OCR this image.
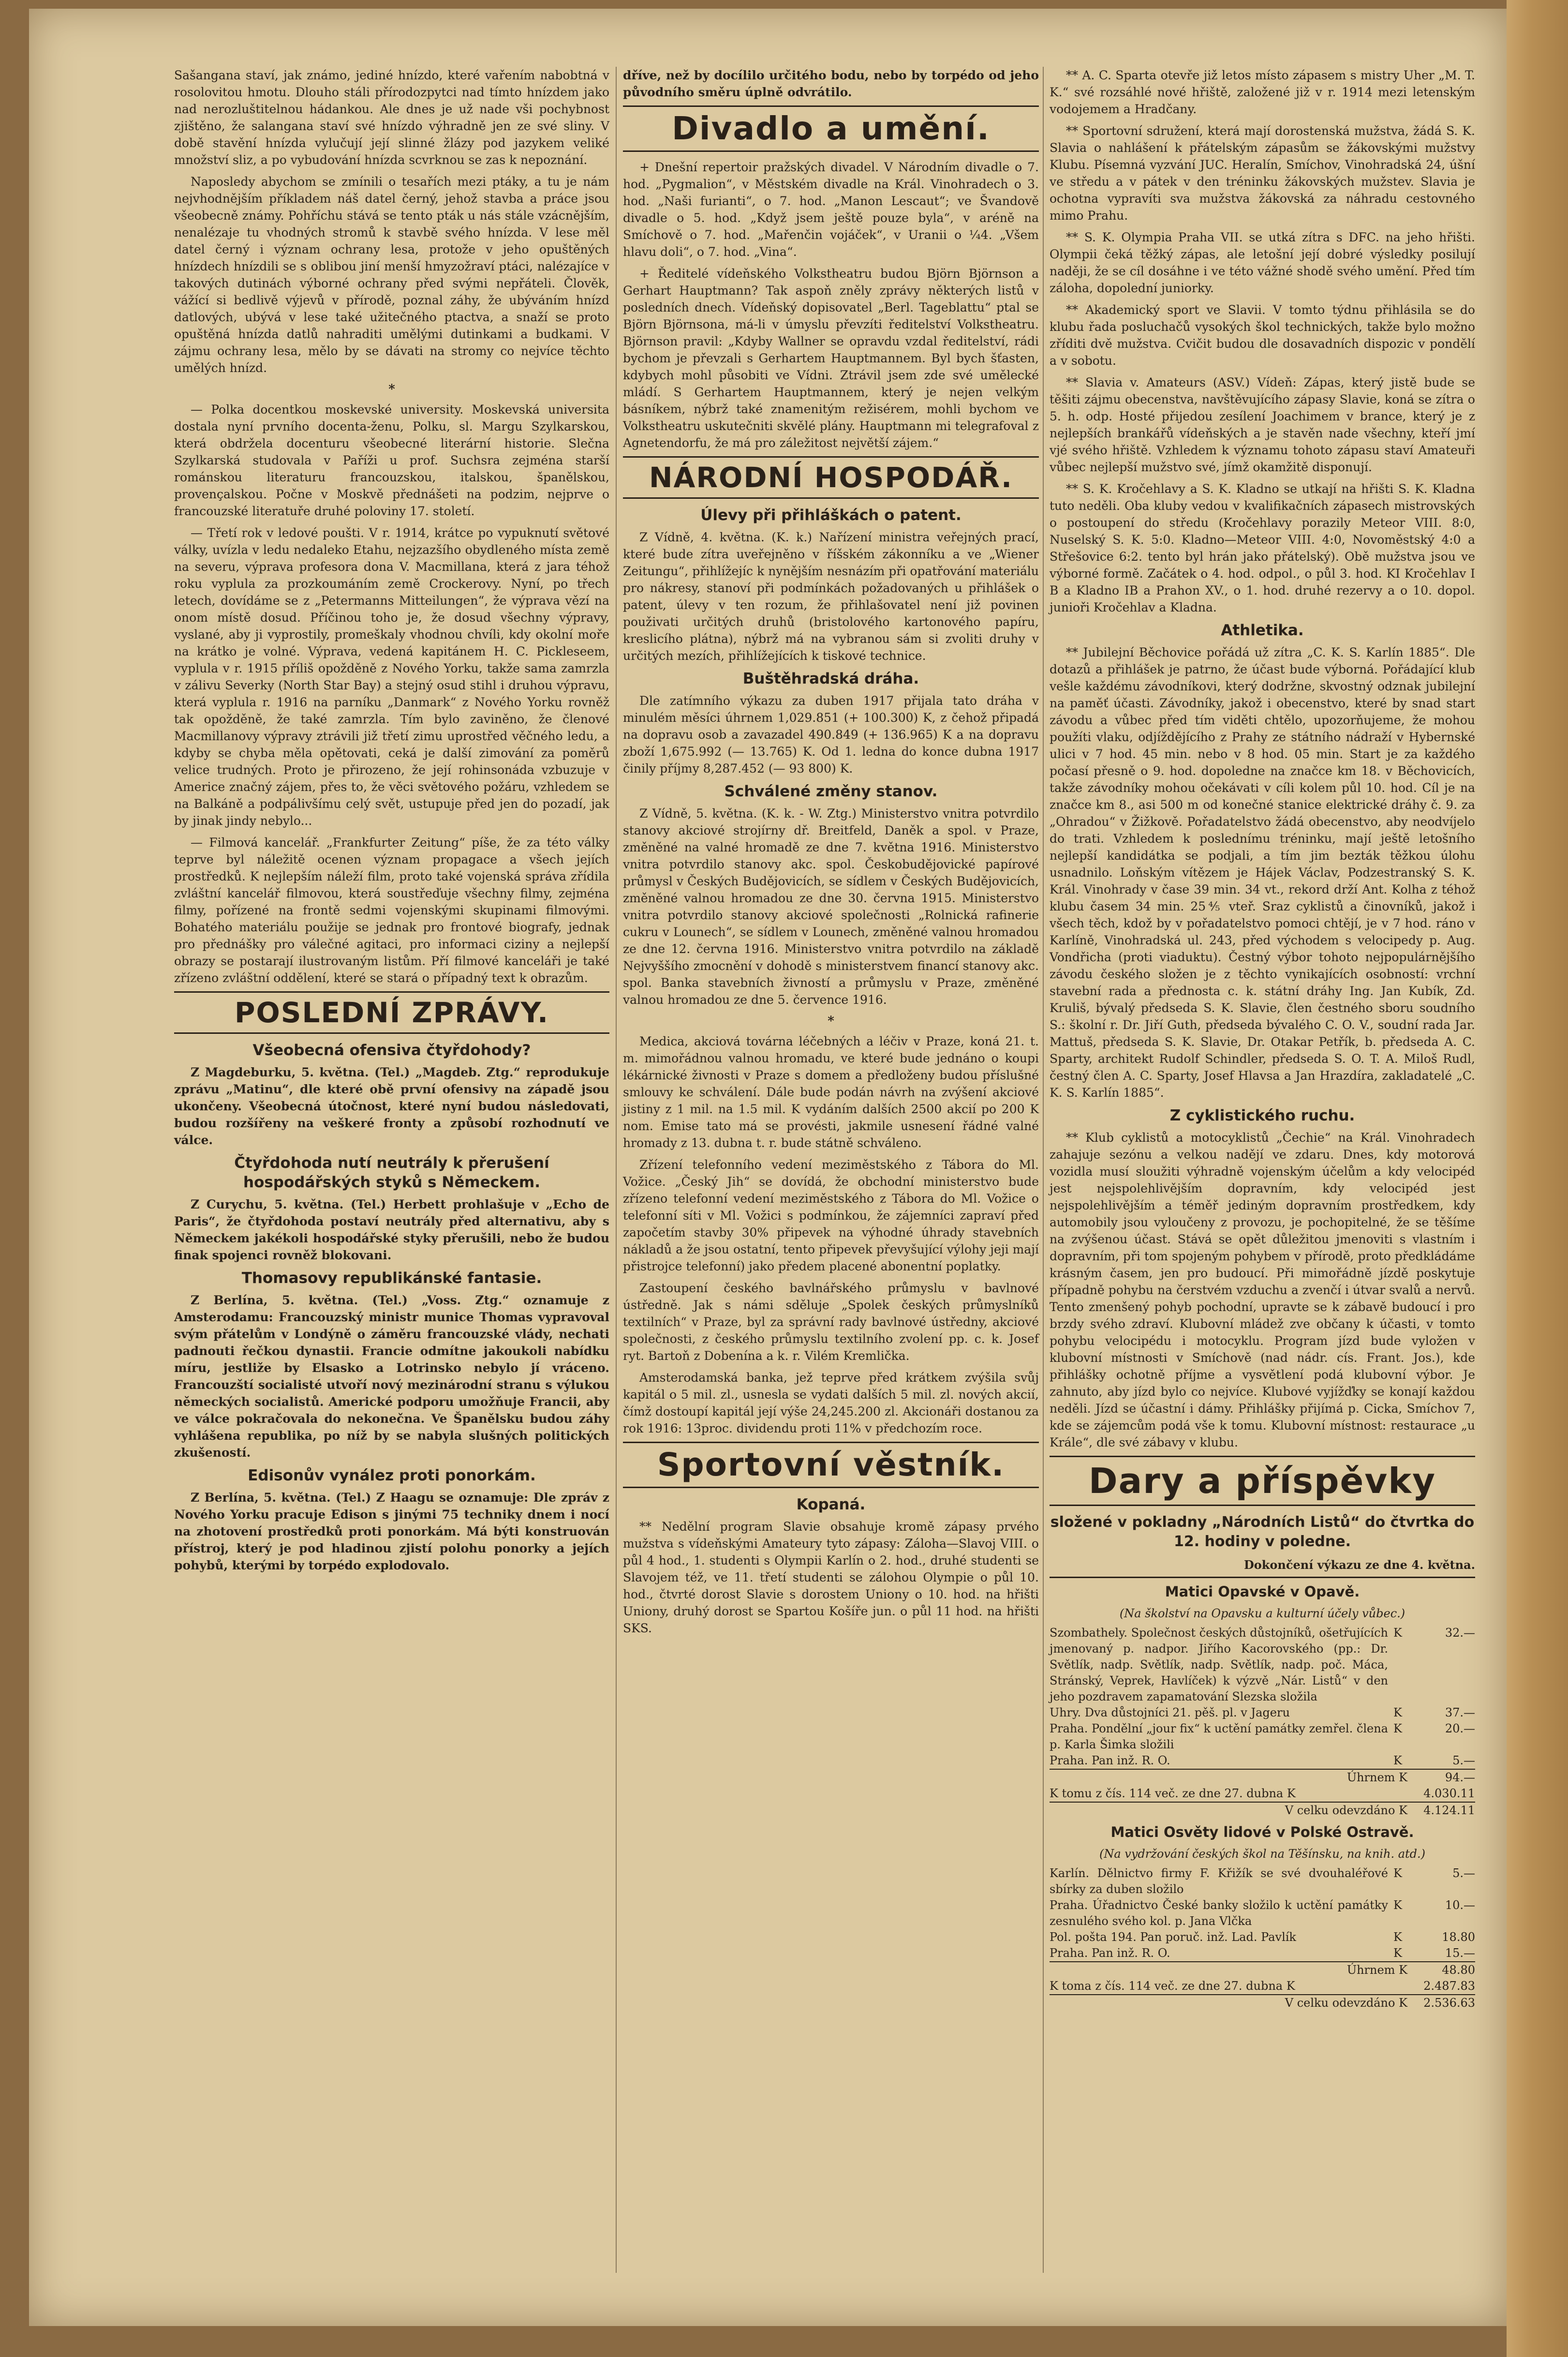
Sašangana staví, jak známo, jediné hnízdo, které vařením nabobtná v rosolovitou hmotu. Dlouho stáli přírodozpytci nad tímto hnízdem jako nad nerozluštitelnou hádankou. Ale dnes je už nade vši pochybnost zjištěno, že salangana staví své hnízdo výhradně jen ze své sliny. V době stavění hnízda vylučují její slinné žlázy pod jazykem veliké množství sliz, a po vybudování hnízda scvrknou se zas k nepoznání.

Naposledy abychom se zmínili o tesařích mezi ptáky, a tu je nám nejvhodnějším příkladem náš datel černý, jehož stavba a práce jsou všeobecně známy. Pohříchu stává se tento pták u nás stále vzácnějším, nenalézaje tu vhodných stromů k stavbě svého hnízda. V lese měl datel černý i význam ochrany lesa, protože v jeho opuštěných hnízdech hnízdili se s oblibou jiní menší hmyzožraví ptáci, nalézajíce v takových dutinách výborné ochrany před svými nepřáteli. Člověk, vážící si bedlivě výjevů v přírodě, poznal záhy, že ubýváním hnízd datlových, ubývá v lese také užitečného ptactva, a snaží se proto opuštěná hnízda datlů nahraditi umělými dutinkami a budkami. V zájmu ochrany lesa, mělo by se dávati na stromy co nejvíce těchto umělých hnízd.

*

— Polka docentkou moskevské university. Moskevská universita dostala nyní prvního docenta-ženu, Polku, sl. Margu Szylkarskou, která obdržela docenturu všeobecné literární historie. Slečna Szylkarská studovala v Paříži u prof. Suchsra zejména starší románskou literaturu francouzskou, italskou, španělskou, provençalskou. Počne v Moskvě přednášeti na podzim, nejprve o francouzské literatuře druhé poloviny 17. století.

— Třetí rok v ledové poušti. V r. 1914, krátce po vypuknutí světové války, uvízla v ledu nedaleko Etahu, nejzazšího obydleného místa země na severu, výprava profesora dona V. Macmillana, která z jara téhož roku vyplula za prozkoumáním země Crockerovy. Nyní, po třech letech, dovídáme se z „Petermanns Mitteilungen“, že výprava vězí na onom místě dosud. Příčinou toho je, že dosud všechny výpravy, vyslané, aby ji vyprostily, promeškaly vhodnou chvíli, kdy okolní moře na krátko je volné. Výprava, vedená kapitánem H. C. Pickleseem, vyplula v r. 1915 příliš opožděně z Nového Yorku, takže sama zamrzla v zálivu Severky (North Star Bay) a stejný osud stihl i druhou výpravu, která vyplula r. 1916 na parníku „Danmark“ z Nového Yorku rovněž tak opožděně, že také zamrzla. Tím bylo zaviněno, že členové Macmillanovy výpravy ztrávili již třetí zimu uprostřed věčného ledu, a kdyby se chyba měla opětovati, ceká je další zimování za poměrů velice trudných. Proto je přirozeno, že její rohinsonáda vzbuzuje v Americe značný zájem, přes to, že věci světového požáru, vzhledem se na Balkáně a podpálivšímu celý svět, ustupuje před jen do pozadí, jak by jinak jindy nebylo...

— Filmová kancelář. „Frankfurter Zeitung“ píše, že za této války teprve byl náležitě ocenen význam propagace a všech jejích prostředků. K nejlepším náleží film, proto také vojenská správa zřídila zvláštní kancelář filmovou, která soustřeďuje všechny filmy, zejména filmy, pořízené na frontě sedmi vojenskými skupinami filmovými. Bohatého materiálu použije se jednak pro frontové biografy, jednak pro přednášky pro válečné agitaci, pro informaci ciziny a nejlepší obrazy se postarají ilustrovaným listům. Pří filmové kanceláři je také zřízeno zvláštní oddělení, které se stará o případný text k obrazům.

POSLEDNÍ ZPRÁVY.
Všeobecná ofensiva čtyřdohody?

Z Magdeburku, 5. května. (Tel.) „Magdeb. Ztg.“ reprodukuje zprávu „Matinu“, dle které obě první ofensivy na západě jsou ukončeny. Všeobecná útočnost, které nyní budou následovati, budou rozšířeny na veškeré fronty a způsobí rozhodnutí ve válce.

Čtyřdohoda nutí neutrály k přerušení hospodářských styků s Německem.

Z Curychu, 5. května. (Tel.) Herbett prohlašuje v „Echo de Paris“, že čtyřdohoda postaví neutrály před alternativu, aby s Německem jakékoli hospodářské styky přerušili, nebo že budou finak spojenci rovněž blokovani.

Thomasovy republikánské fantasie.

Z Berlína, 5. května. (Tel.) „Voss. Ztg.“ oznamuje z Amsterodamu: Francouzský ministr munice Thomas vypravoval svým přátelům v Londýně o záměru francouzské vlády, nechati padnouti řečkou dynastii. Francie odmítne jakoukoli nabídku míru, jestliže by Elsasko a Lotrinsko nebylo jí vráceno. Francouzští socialisté utvoří nový mezinárodní stranu s výlukou německých socialistů. Americké podporu umožňuje Francii, aby ve válce pokračovala do nekonečna. Ve Španělsku budou záhy vyhlášena republika, po níž by se nabyla slušných politických zkušeností.

Edisonův vynález proti ponorkám.

Z Berlína, 5. května. (Tel.) Z Haagu se oznamuje: Dle zpráv z Nového Yorku pracuje Edison s jinými 75 techniky dnem i nocí na zhotovení prostředků proti ponorkám. Má býti konstruován přístroj, který je pod hladinou zjistí polohu ponorky a jejích pohybů, kterými by torpédo explodovalo.

dříve, než by docílilo určitého bodu, nebo by torpédo od jeho původního směru úplně odvrátilo.

Divadlo a umění.

+ Dnešní repertoir pražských divadel. V Národním divadle o 7. hod. „Pygmalion“, v Městském divadle na Král. Vinohradech o 3. hod. „Naši furianti“, o 7. hod. „Manon Lescaut“; ve Švandově divadle o 5. hod. „Když jsem ještě pouze byla“, v aréně na Smíchově o 7. hod. „Mařenčin vojáček“, v Uranii o ¼4. „Všem hlavu doli“, o 7. hod. „Vina“.

+ Ředitelé vídeňského Volkstheatru budou Björn Björnson a Gerhart Hauptmann? Tak aspoň zněly zprávy některých listů v posledních dnech. Vídeňský dopisovatel „Berl. Tageblattu“ ptal se Björn Björnsona, má-li v úmyslu převzíti ředitelství Volkstheatru. Björnson pravil: „Kdyby Wallner se opravdu vzdal ředitelství, rádi bychom je převzali s Gerhartem Hauptmannem. Byl bych šťasten, kdybych mohl působiti ve Vídni. Ztrávil jsem zde své umělecké mládí. S Gerhartem Hauptmannem, který je nejen velkým básníkem, nýbrž také znamenitým režisérem, mohli bychom ve Volkstheatru uskutečniti skvělé plány. Hauptmann mi telegrafoval z Agnetendorfu, že má pro záležitost největší zájem.“

NÁRODNÍ HOSPODÁŘ.
Úlevy při přihláškách o patent.

Z Vídně, 4. května. (K. k.) Nařízení ministra veřejných prací, které bude zítra uveřejněno v říšském zákonníku a ve „Wiener Zeitungu“, přihlížejíc k nynějším nesnázím při opatřování materiálu pro nákresy, stanoví při podmínkách požadovaných u přihlášek o patent, úlevy v ten rozum, že přihlašovatel není již povinen použivati určitých druhů (bristolového kartonového papíru, kreslicího plátna), nýbrž má na vybranou sám si zvoliti druhy v určitých mezích, přihlížejících k tiskové technice.

Buštěhradská dráha.

Dle zatímního výkazu za duben 1917 přijala tato dráha v minulém měsíci úhrnem 1,029.851 (+ 100.300) K, z čehož připadá na dopravu osob a zavazadel 490.849 (+ 136.965) K a na dopravu zboží 1,675.992 (— 13.765) K. Od 1. ledna do konce dubna 1917 činily příjmy 8,287.452 (— 93 800) K.

Schválené změny stanov.

Z Vídně, 5. května. (K. k. - W. Ztg.) Ministerstvo vnitra potvrdilo stanovy akciové strojírny dř. Breitfeld, Daněk a spol. v Praze, změněné na valné hromadě ze dne 7. května 1916. Ministerstvo vnitra potvrdilo stanovy akc. spol. Českobudějovické papírové průmysl v Českých Budějovicích, se sídlem v Českých Budějovicích, změněné valnou hromadou ze dne 30. června 1915. Ministerstvo vnitra potvrdilo stanovy akciové společnosti „Rolnická rafinerie cukru v Lounech“, se sídlem v Lounech, změněné valnou hromadou ze dne 12. června 1916. Ministerstvo vnitra potvrdilo na základě Nejvyššího zmocnění v dohodě s ministerstvem financí stanovy akc. spol. Banka stavebních živností a průmyslu v Praze, změněné valnou hromadou ze dne 5. července 1916.

*

Medica, akciová továrna léčebných a léčiv v Praze, koná 21. t. m. mimořádnou valnou hromadu, ve které bude jednáno o koupi lékárnické živnosti v Praze s domem a předloženy budou příslušné smlouvy ke schválení. Dále bude podán návrh na zvýšení akciové jistiny z 1 mil. na 1.5 mil. K vydáním dalších 2500 akcií po 200 K nom. Emise tato má se provésti, jakmile usnesení řádné valné hromady z 13. dubna t. r. bude státně schváleno.

Zřízení telefonního vedení meziměstského z Tábora do Ml. Vožice. „Český Jih“ se dovídá, že obchodní ministerstvo bude zřízeno telefonní vedení meziměstského z Tábora do Ml. Vožice o telefonní síti v Ml. Vožici s podmínkou, že zájemníci zapraví před započetím stavby 30% připevek na výhodné úhrady stavebních nákladů a že jsou ostatní, tento připevek převyšující výlohy jeji mají přistrojce telefonní) jako předem placené abonentní poplatky.

Zastoupení českého bavlnářského průmyslu v bavlnové ústředně. Jak s námi sděluje „Spolek českých průmyslníků textilních“ v Praze, byl za správní rady bavlnové ústředny, akciové společnosti, z českého průmyslu textilního zvolení pp. c. k. Josef ryt. Bartoň z Dobenína a k. r. Vilém Kremlička.

Amsterodamská banka, jež teprve před krátkem zvýšila svůj kapitál o 5 mil. zl., usnesla se vydati dalších 5 mil. zl. nových akcií, čímž dostoupí kapitál její výše 24,245.200 zl. Akcionáři dostanou za rok 1916: 13proc. dividendu proti 11% v předchozím roce.

Sportovní věstník.
Kopaná.

** Nedělní program Slavie obsahuje kromě zápasy prvého mužstva s vídeňskými Amateury tyto zápasy: Záloha—Slavoj VIII. o půl 4 hod., 1. studenti s Olympii Karlín o 2. hod., druhé studenti se Slavojem též, ve 11. třetí studenti se zálohou Olympie o půl 10. hod., čtvrté dorost Slavie s dorostem Uniony o 10. hod. na hřišti Uniony, druhý dorost se Spartou Košíře jun. o půl 11 hod. na hřišti SKS.

** A. C. Sparta otevře již letos místo zápasem s mistry Uher „M. T. K.“ své rozsáhlé nové hřiště, založené již v r. 1914 mezi letenským vodojemem a Hradčany.

** Sportovní sdružení, která mají dorostenská mužstva, žádá S. K. Slavia o nahlášení k přátelským zápasům se žákovskými mužstvy Klubu. Písemná vyzvání JUC. Heralín, Smíchov, Vinohradská 24, úšní ve středu a v pátek v den tréninku žákovských mužstev. Slavia je ochotna vypravíti sva mužstva žákovská za náhradu cestovného mimo Prahu.

** S. K. Olympia Praha VII. se utká zítra s DFC. na jeho hřišti. Olympii čeká těžký zápas, ale letošní její dobré výsledky posilují naději, že se cíl dosáhne i ve této vážné shodě svého umění. Před tím záloha, dopolední juniorky.

** Akademický sport ve Slavii. V tomto týdnu přihlásila se do klubu řada posluchačů vysokých škol technických, takže bylo možno zříditi dvě mužstva. Cvičit budou dle dosavadních dispozic v pondělí a v sobotu.

** Slavia v. Amateurs (ASV.) Vídeň: Zápas, který jistě bude se těšiti zájmu obecenstva, navštěvujícího zápasy Slavie, koná se zítra o 5. h. odp. Hosté přijedou zesílení Joachimem v brance, který je z nejlepších brankářů vídeňských a je stavěn nade všechny, kteří jmí vjé svého hřiště. Vzhledem k významu tohoto zápasu staví Amateuři vůbec nejlepší mužstvo své, jímž okamžitě disponují.

** S. K. Kročehlavy a S. K. Kladno se utkají na hřišti S. K. Kladna tuto neděli. Oba kluby vedou v kvalifikačních zápasech mistrovských o postoupení do středu (Kročehlavy porazily Meteor VIII. 8:0, Nuselský S. K. 5:0. Kladno—Meteor VIII. 4:0, Novoměstský 4:0 a Střešovice 6:2. tento byl hrán jako přátelský). Obě mužstva jsou ve výborné formě. Začátek o 4. hod. odpol., o půl 3. hod. KI Kročehlav I B a Kladno IB a Prahon XV., o 1. hod. druhé rezervy a o 10. dopol. junioři Kročehlav a Kladna.

Athletika.

** Jubilejní Běchovice pořádá už zítra „C. K. S. Karlín 1885“. Dle dotazů a přihlášek je patrno, že účast bude výborná. Pořádající klub vešle každému závodníkovi, který dodržne, skvostný odznak jubilejní na paměť účasti. Závodníky, jakož i obecenstvo, které by snad start závodu a vůbec před tím viděti chtělo, upozorňujeme, že mohou použíti vlaku, odjíždějícího z Prahy ze státního nádraží v Hybernské ulici v 7 hod. 45 min. nebo v 8 hod. 05 min. Start je za každého počasí přesně o 9. hod. dopoledne na značce km 18. v Běchovicích, takže závodníky mohou očekávati v cíli kolem půl 10. hod. Cíl je na značce km 8., asi 500 m od konečné stanice elektrické dráhy č. 9. za „Ohradou“ v Žižkově. Pořadatelstvo žádá obecenstvo, aby neodvíjelo do trati. Vzhledem k poslednímu tréninku, mají ještě letošního nejlepší kandidátka se podjali, a tím jim bezták těžkou úlohu usnadnilo. Loňským vítězem je Hájek Václav, Podzestranský S. K. Král. Vinohrady v čase 39 min. 34 vt., rekord drží Ant. Kolha z téhož klubu časem 34 min. 25⅘ vteř. Sraz cyklistů a činovníků, jakož i všech těch, kdož by v pořadatelstvo pomoci chtějí, je v 7 hod. ráno v Karlíně, Vinohradská ul. 243, před východem s velocipedy p. Aug. Vondřicha (proti viaduktu). Čestný výbor tohoto nejpopulárnějšího závodu českého složen je z těchto vynikajících osobností: vrchní stavební rada a přednosta c. k. státní dráhy Ing. Jan Kubík, Zd. Kruliš, bývalý předseda S. K. Slavie, člen čestného sboru soudního S.: školní r. Dr. Jiří Guth, předseda bývalého C. O. V., soudní rada Jar. Mattuš, předseda S. K. Slavie, Dr. Otakar Petřík, b. předseda A. C. Sparty, architekt Rudolf Schindler, předseda S. O. T. A. Miloš Rudl, čestný člen A. C. Sparty, Josef Hlavsa a Jan Hrazdíra, zakladatelé „C. K. S. Karlín 1885“.

Z cyklistického ruchu.

** Klub cyklistů a motocyklistů „Čechie“ na Král. Vinohradech zahajuje sezónu a velkou nadějí ve zdaru. Dnes, kdy motorová vozidla musí sloužiti výhradně vojenským účelům a kdy velocipéd jest nejspolehlivějším dopravním, kdy velocipéd jest nejspolehlivějším a téměř jediným dopravním prostředkem, kdy automobily jsou vyloučeny z provozu, je pochopitelné, že se těšíme na zvýšenou účast. Stává se opět důležitou jmenoviti s vlastním i dopravním, při tom spojeným pohybem v přírodě, proto předkládáme krásným časem, jen pro budoucí. Při mimořádně jízdě poskytuje případně pohybu na čerstvém vzduchu a zvenčí i útvar svalů a nervů. Tento zmenšený pohyb pochodní, upravte se k zábavě budoucí i pro brzdy svého zdraví. Klubovní mládež zve občany k účasti, v tomto pohybu velocipédu i motocyklu. Program jízd bude vyložen v klubovní místnosti v Smíchově (nad nádr. cís. Frant. Jos.), kde přihlášky ochotně příjme a vysvětlení podá klubovní výbor. Je zahnuto, aby jízd bylo co nejvíce. Klubové vyjížďky se konají každou neděli. Jízd se účastní i dámy. Přihlášky přijímá p. Cicka, Smíchov 7, kde se zájemcům podá vše k tomu. Klubovní místnost: restaurace „u Krále“, dle své zábavy v klubu.

Dary a příspěvky
složené v pokladny „Národních Listů“ do čtvrtka do 12. hodiny v poledne.
Dokončení výkazu ze dne 4. května.
Matici Opavské v Opavě.
(Na školství na Opavsku a kulturní účely vůbec.)
Szombathely. Společnost českých důstojníků, ošetřujících jmenovaný p. nadpor. Jiřího Kacorovského (pp.: Dr. Světlík, nadp. Světlík, nadp. Světlík, nadp. poč. Máca, Stránský, Veprek, Havlíček) k výzvě „Nár. Listů“ v den jeho pozdravem zapamatování Slezska složila	K	32.—
Uhry. Dva důstojníci 21. pěš. pl. v Jageru	K	37.—
Praha. Pondělní „jour fix“ k uctění památky zemřel. člena p. Karla Šimka složili	K	20.—
Praha. Pan inž. R. O.	K	5.—
Úhrnem K		94.—
K tomu z čís. 114 več. ze dne 27. dubna K		4.030.11
V celku odevzdáno K		4.124.11
Matici Osvěty lidové v Polské Ostravě.
(Na vydržování českých škol na Těšínsku, na knih. atd.)
Karlín. Dělnictvo firmy F. Křižík se své dvouhaléřové sbírky za duben složilo	K	5.—
Praha. Úřadnictvo České banky složilo k uctění památky zesnulého svého kol. p. Jana Vlčka	K	10.—
Pol. pošta 194. Pan poruč. inž. Lad. Pavlík	K	18.80
Praha. Pan inž. R. O.	K	15.—
Úhrnem K		48.80
K toma z čís. 114 več. ze dne 27. dubna K		2.487.83
V celku odevzdáno K		2.536.63
